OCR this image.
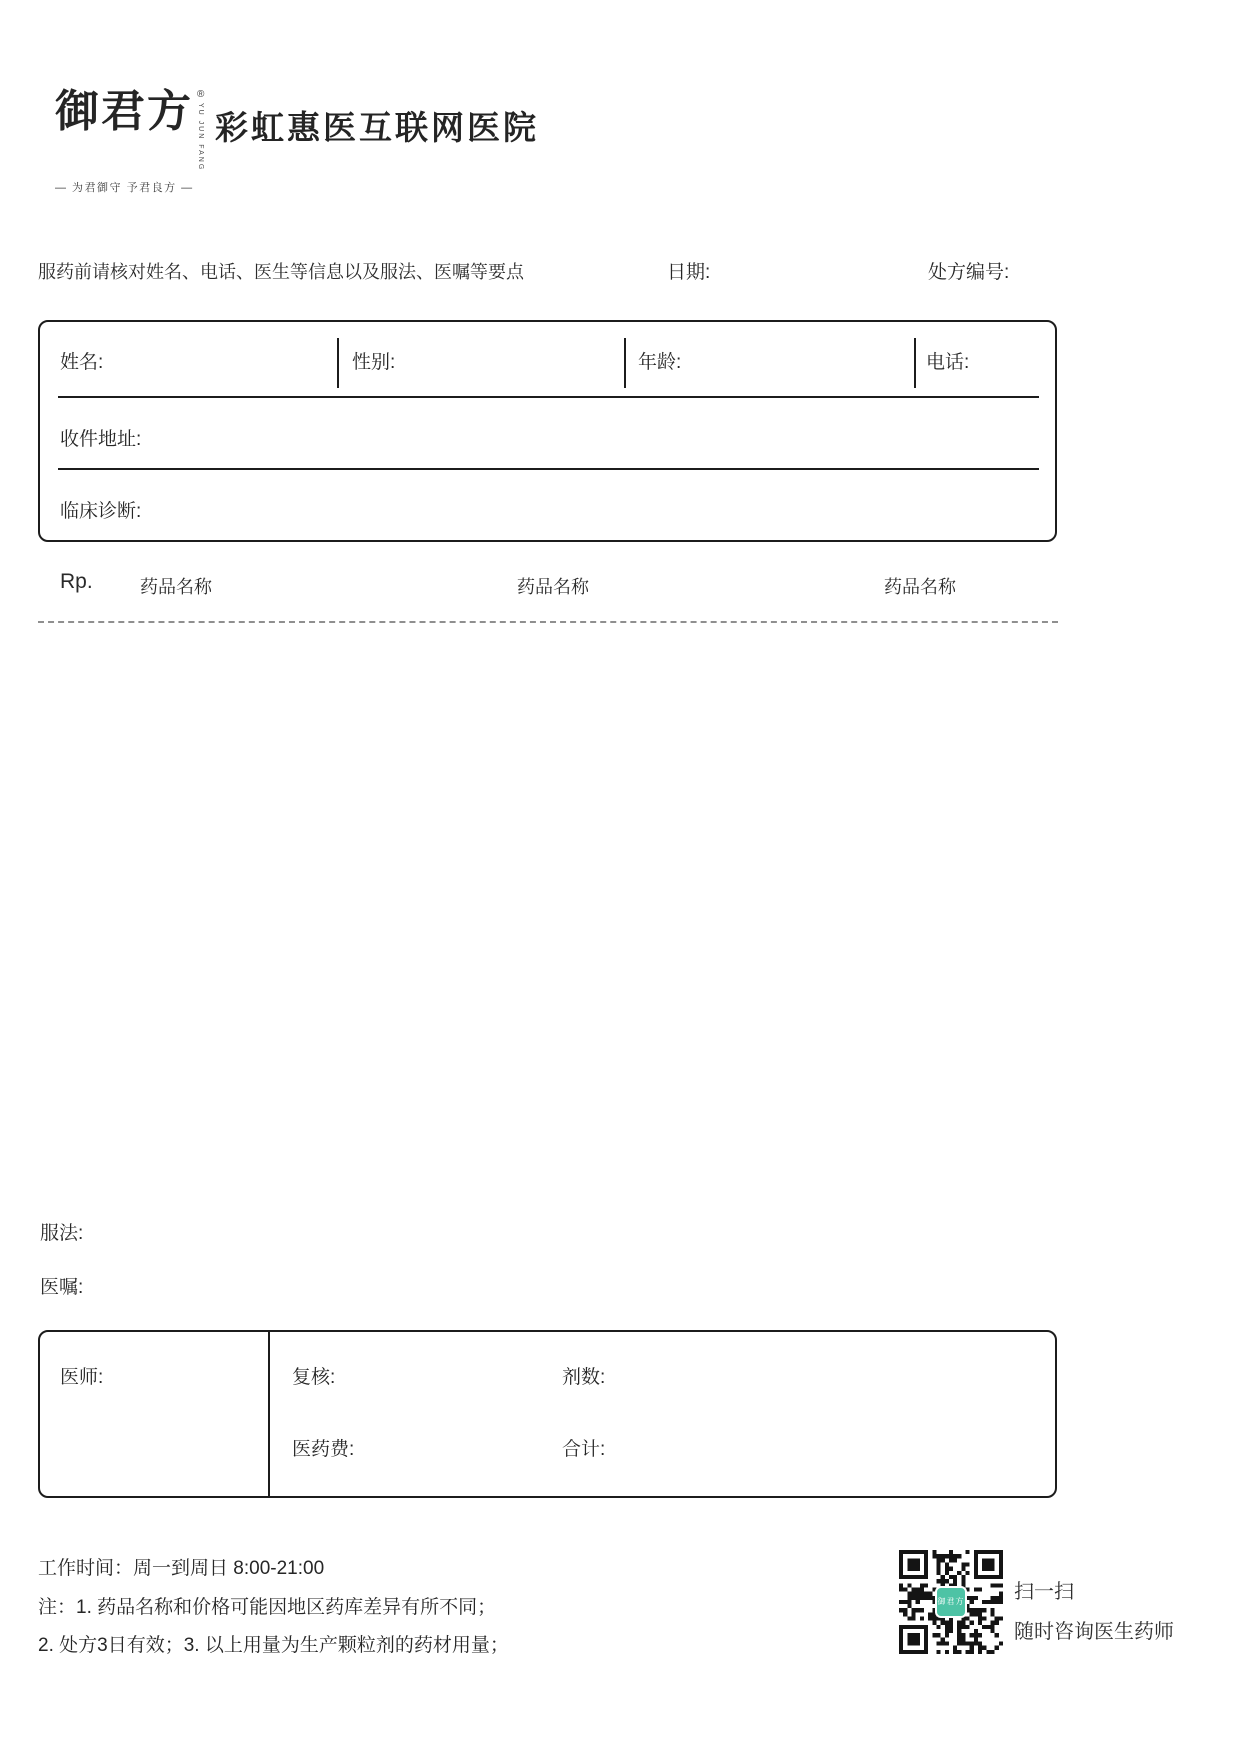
御君方 ®
YU JUN FANG
— 为君御守 予君良方 —
彩虹惠医互联网医院
服药前请核对姓名、电话、医生等信息以及服法、医嘱等要点	日期:	处方编号:
姓名:	性别:	年龄:	电话:
收件地址:
临床诊断:
Rp.	药品名称	药品名称	药品名称
服法:
医嘱:
医师:	复核:	剂数:
医药费:	合计:
工作时间：周一到周日 8:00-21:00
注：1. 药品名称和价格可能因地区药库差异有所不同；
2. 处方3日有效；3. 以上用量为生产颗粒剂的药材用量；
御君方 扫一扫
随时咨询医生药师
